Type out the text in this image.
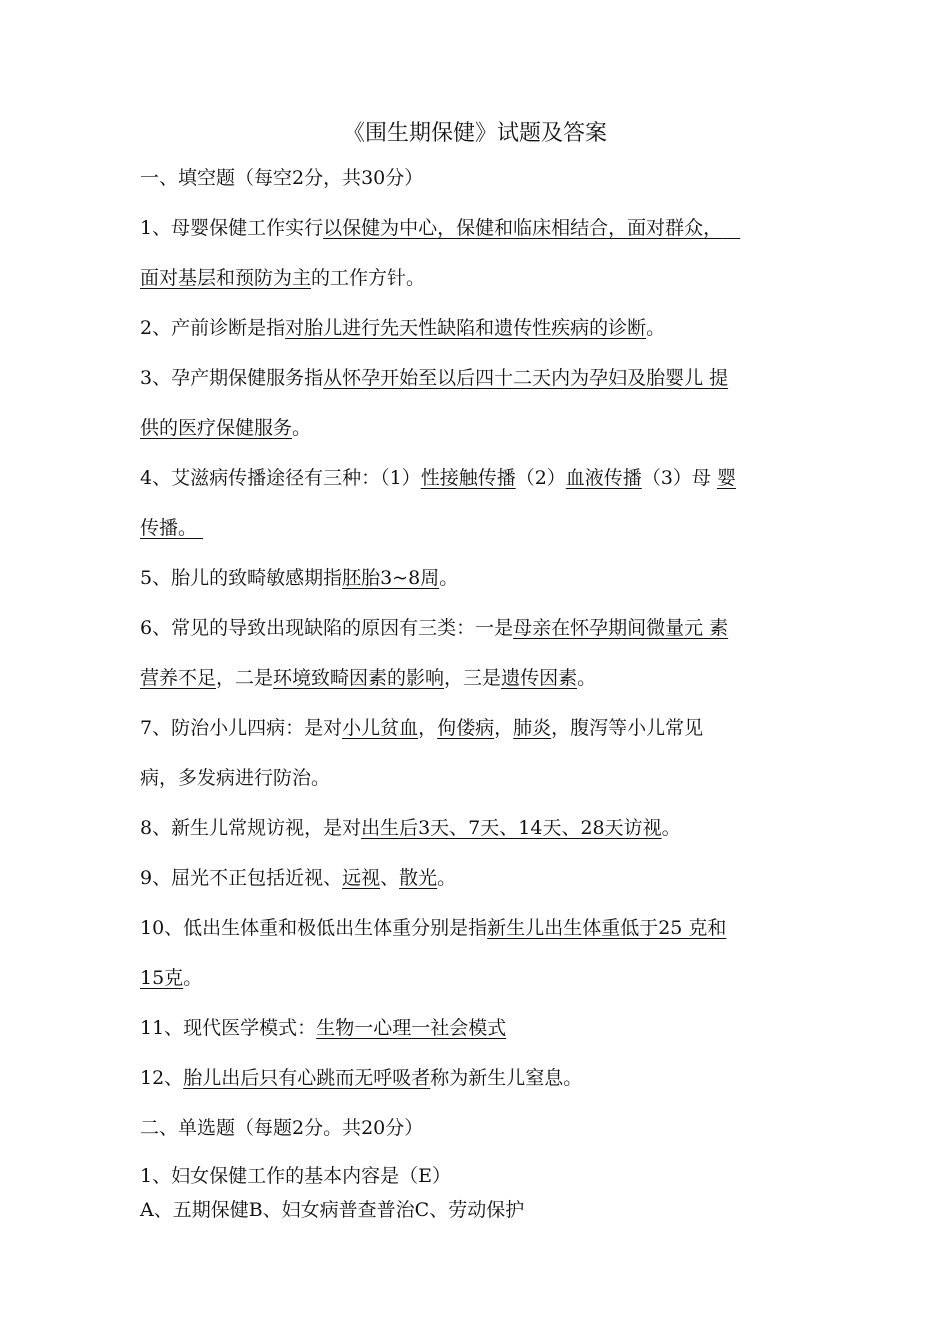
《围生期保健》试题及答案
一、填空题（每空2分，共30分）
1、母婴保健工作实行以保健为中心，保健和临床相结合，面对群众，
面对基层和预防为主的工作方针。
2、产前诊断是指对胎儿进行先天性缺陷和遗传性疾病的诊断。
3、孕产期保健服务指从怀孕开始至以后四十二天内为孕妇及胎婴儿 提
供的医疗保健服务。
4、艾滋病传播途径有三种：（1）性接触传播（2）血液传播（3）母 婴
传播。
5、胎儿的致畸敏感期指胚胎3~8周。
6、常见的导致出现缺陷的原因有三类：一是母亲在怀孕期间微量元 素
营养不足，二是环境致畸因素的影响，三是遗传因素。
7、防治小儿四病：是对小儿贫血，佝偻病，肺炎，腹泻等小儿常见
病，多发病进行防治。
8、新生儿常规访视，是对出生后3天、7天、14天、28天访视。
9、屈光不正包括近视、远视、散光。
10、低出生体重和极低出生体重分别是指新生儿出生体重低于25 克和
15克。
11、现代医学模式：生物一心理一社会模式
12、胎儿出后只有心跳而无呼吸者称为新生儿窒息。
二、单选题（每题2分。共20分）
1、妇女保健工作的基本内容是（E）
A、五期保健B、妇女病普查普治C、劳动保护
